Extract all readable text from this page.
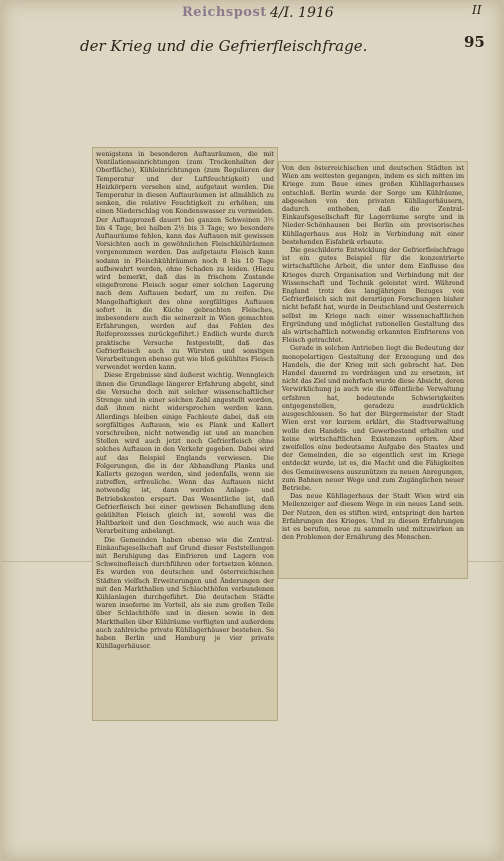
Reichspost 4/I. 1916	II
95
der Krieg und die Gefrierfleischfrage.

wenigstens in besonderen Auftauräumen, die mit Ventilationseinrichtungen (zum Trockenhalten der Oberfläche), Kühleinrichtungen (zum Regulieren der Temperatur und der Luftfeuchtigkeit) und Heizkörpern versehen sind, aufgetaut werden. Die Temperatur in diesen Auftauräumen ist allmählich zu senken, die relative Feuchtigkeit zu erhöhen, um einen Niederschlag von Kondenswasser zu vermeiden. Der Auftauprozeß dauert bei ganzen Schweinen 3½ bis 4 Tage, bei halben 2½ bis 3 Tage; wo besondere Auftauräume fehlen, kann das Auftauen mit gewissen Vorsichten auch in gewöhnlichen Fleischkühlräumen vorgenommen werden. Das aufgetaute Fleisch kann sodann in Fleischkühlräumen noch 8 bis 10 Tage aufbewahrt werden, ohne Schaden zu leiden. (Hiezu wird bemerkt, daß das in frischem Zustande eingefrorene Fleisch sogar einer solchen Lagerung nach dem Auftauen bedarf, um zu reifen. Die Mangelhaftigkeit des ohne sorgfältiges Auftauen sofort in die Küche gebrachten Fleisches, insbesondere auch die seinerzeit in Wien gemachten Erfahrungen, werden auf das Fehlen des Reifeprozesses zurückgeführt.) Endlich wurde durch praktische Versuche festgestellt, daß das Gefrierfleisch auch zu Würsten und sonstigen Verarbeitungen ebenso gut wie bloß gekühltes Fleisch verwendet werden kann.

Diese Ergebnisse sind äußerst wichtig. Wenngleich ihnen die Grundlage längerer Erfahrung abgeht, sind die Versuche doch mit solcher wissenschaftlicher Strenge und in einer solchen Zahl angestellt worden, daß ihnen nicht widersprochen werden kann. Allerdings bleiben einige Fachleute dabei, daß ein sorgfältiges Auftauen, wie es Plank und Kallert vorschreiben, nicht notwendig ist und an manchen Stellen wird auch jetzt noch Gefrierfleisch ohne solches Auftauen in den Verkehr gegeben. Dabei wird auf das Beispiel Englands verwiesen. Die Folgerungen, die in der Abhandlung Planks und Kallerts gezogen werden, sind jedenfalls, wenn sie zutreffen, erfreuliche. Wenn das Auftauen nicht notwendig ist, dann werden Anlage- und Betriebskosten erspart. Das Wesentliche ist, daß Gefrierfleisch bei einer gewissen Behandlung dem gekühlten Fleisch gleich ist, sowohl was die Haltbarkeit und den Geschmack, wie auch was die Verarbeitung anbelangt.

Die Gemeinden haben ebenso wie die Zentral-Einkaufsgesellschaft auf Grund dieser Feststellungen mit Beruhigung das Einfrieren und Lagern von Schweinefleisch durchführen oder fortsetzen können. Es wurden von deutschen und österreichischen Städten vielfach Erweiterungen und Änderungen der mit den Markthallen und Schlachthöfen verbundenen Kühlanlagen durchgeführt. Die deutschen Städte waren insoferne im Vorteil, als sie zum großen Teile über Schlachthöfe und in diesen sowie in den Markthallen über Kühlräume verfügten und außerdem auch zahlreiche private Kühllagerhäuser bestehen. So haben Berlin und Hamburg je vier private Kühllagerhäuser.

Von den österreichischen und deutschen Städten ist Wien am weitesten gegangen, indem es sich mitten im Kriege zum Baue eines großen Kühllagerhauses entschloß. Berlin wurde der Sorge um Kühlräume, abgesehen von den privaten Kühllagerhäusern, dadurch enthoben, daß die Zentral-Einkaufsgesellschaft für Lagerräume sorgte und in Nieder-Schönhausen bei Berlin ein provisorisches Kühllagerhaus aus Holz in Verbindung mit einer bestehenden Eisfabrik erbaute.

Die geschilderte Entwicklung der Gefrierfleischfrage ist ein gutes Beispiel für die konzentrierte wirtschaftliche Arbeit, die unter dem Einflusse des Krieges durch Organisation und Verbindung mit der Wissenschaft und Technik geleistet wird. Während England trotz des langjährigen Bezuges von Gefrierfleisch sich mit derartigen Forschungen bisher nicht befaßt hat, wurde in Deutschland und Oesterreich selbst im Kriege nach einer wissenschaftlichen Ergründung und möglichst rationellen Gestaltung des als wirtschaftlich notwendig erkannten Einfrierens von Fleisch getrachtet.

Gerade in solchen Antrieben liegt die Bedeutung der monopolartigen Gestaltung der Erzeugung und des Handels, die der Krieg mit sich gebracht hat. Den Handel dauernd zu verdrängen und zu ersetzen, ist nicht das Ziel und mehrfach wurde diese Absicht, deren Verwirklichung ja auch wie die öffentliche Verwaltung erfahren hat, bedeutende Schwierigkeiten entgegenstellen, geradezu ausdrücklich ausgeschlossen. So hat der Bürgermeister der Stadt Wien erst vor kurzem erklärt, die Stadtverwaltung wolle den Handels- und Gewerbestand erhalten und keine wirtschaftlichen Existenzen opfern. Aber zweifellos eine bedeutsame Aufgabe des Staates und der Gemeinden, die so eigentlich erst im Kriege entdeckt wurde, ist es, die Macht und die Fähigkeiten des Gemeinwesens auszunützen zu neuen Anregungen, zum Bahnen neuer Wege und zum Zugänglichen neuer Betriebe.

Das neue Kühllagerhaus der Stadt Wien wird ein Meilenzeiger auf diesem Wege in ein neues Land sein. Der Nutzen, den es stiften wird, entspringt den harten Erfahrungen des Krieges. Und zu diesen Erfahrungen ist es berufen, neue zu sammeln und mitzuwirken an den Problemen der Ernährung des Menschen.
